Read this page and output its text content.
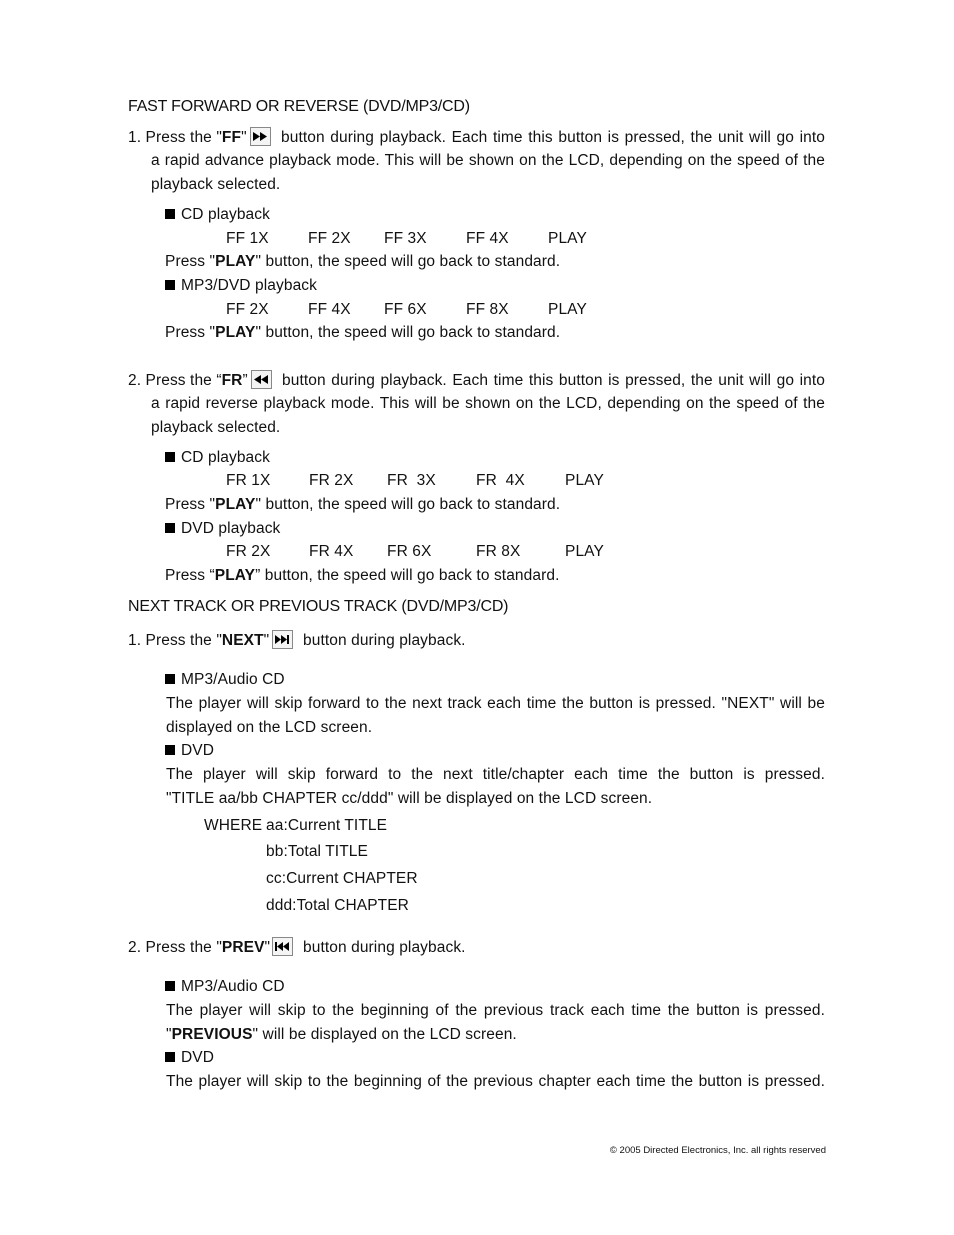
FAST FORWARD OR REVERSE (DVD/MP3/CD)
1. Press the "FF" button during playback. Each time this button is pressed, the unit will go into
a rapid advance playback mode. This will be shown on the LCD, depending on the speed of the
playback selected.
CD playback
FF 1X	FF 2X FF 3X	FF 4X	PLAY
Press "PLAY" button, the speed will go back to standard.
MP3/DVD playback
FF 2X	FF 4X FF 6X	FF 8X	PLAY
Press "PLAY" button, the speed will go back to standard.
2. Press the “FR” button during playback. Each time this button is pressed, the unit will go into
a rapid reverse playback mode. This will be shown on the LCD, depending on the speed of the
playback selected.
CD playback
FR 1X FR 2X FR  3X	FR  4X	PLAY
Press "PLAY" button, the speed will go back to standard.
DVD playback
FR 2X FR 4X FR 6X	FR 8X	PLAY
Press “PLAY” button, the speed will go back to standard.
NEXT TRACK OR PREVIOUS TRACK (DVD/MP3/CD)
1. Press the "NEXT" button during playback.
MP3/Audio CD
The player will skip forward to the next track each time the button is pressed. "NEXT" will be
displayed on the LCD screen.
DVD
The player will skip forward to the next title/chapter each time the button is pressed.
"TITLE aa/bb CHAPTER cc/ddd" will be displayed on the LCD screen.
WHERE aa:Current TITLE
bb:Total TITLE
cc:Current CHAPTER
ddd:Total CHAPTER
2. Press the "PREV" button during playback.
MP3/Audio CD
The player will skip to the beginning of the previous track each time the button is pressed.
"PREVIOUS" will be displayed on the LCD screen.
DVD
The player will skip to the beginning of the previous chapter each time the button is pressed.
© 2005 Directed Electronics, Inc. all rights reserved
